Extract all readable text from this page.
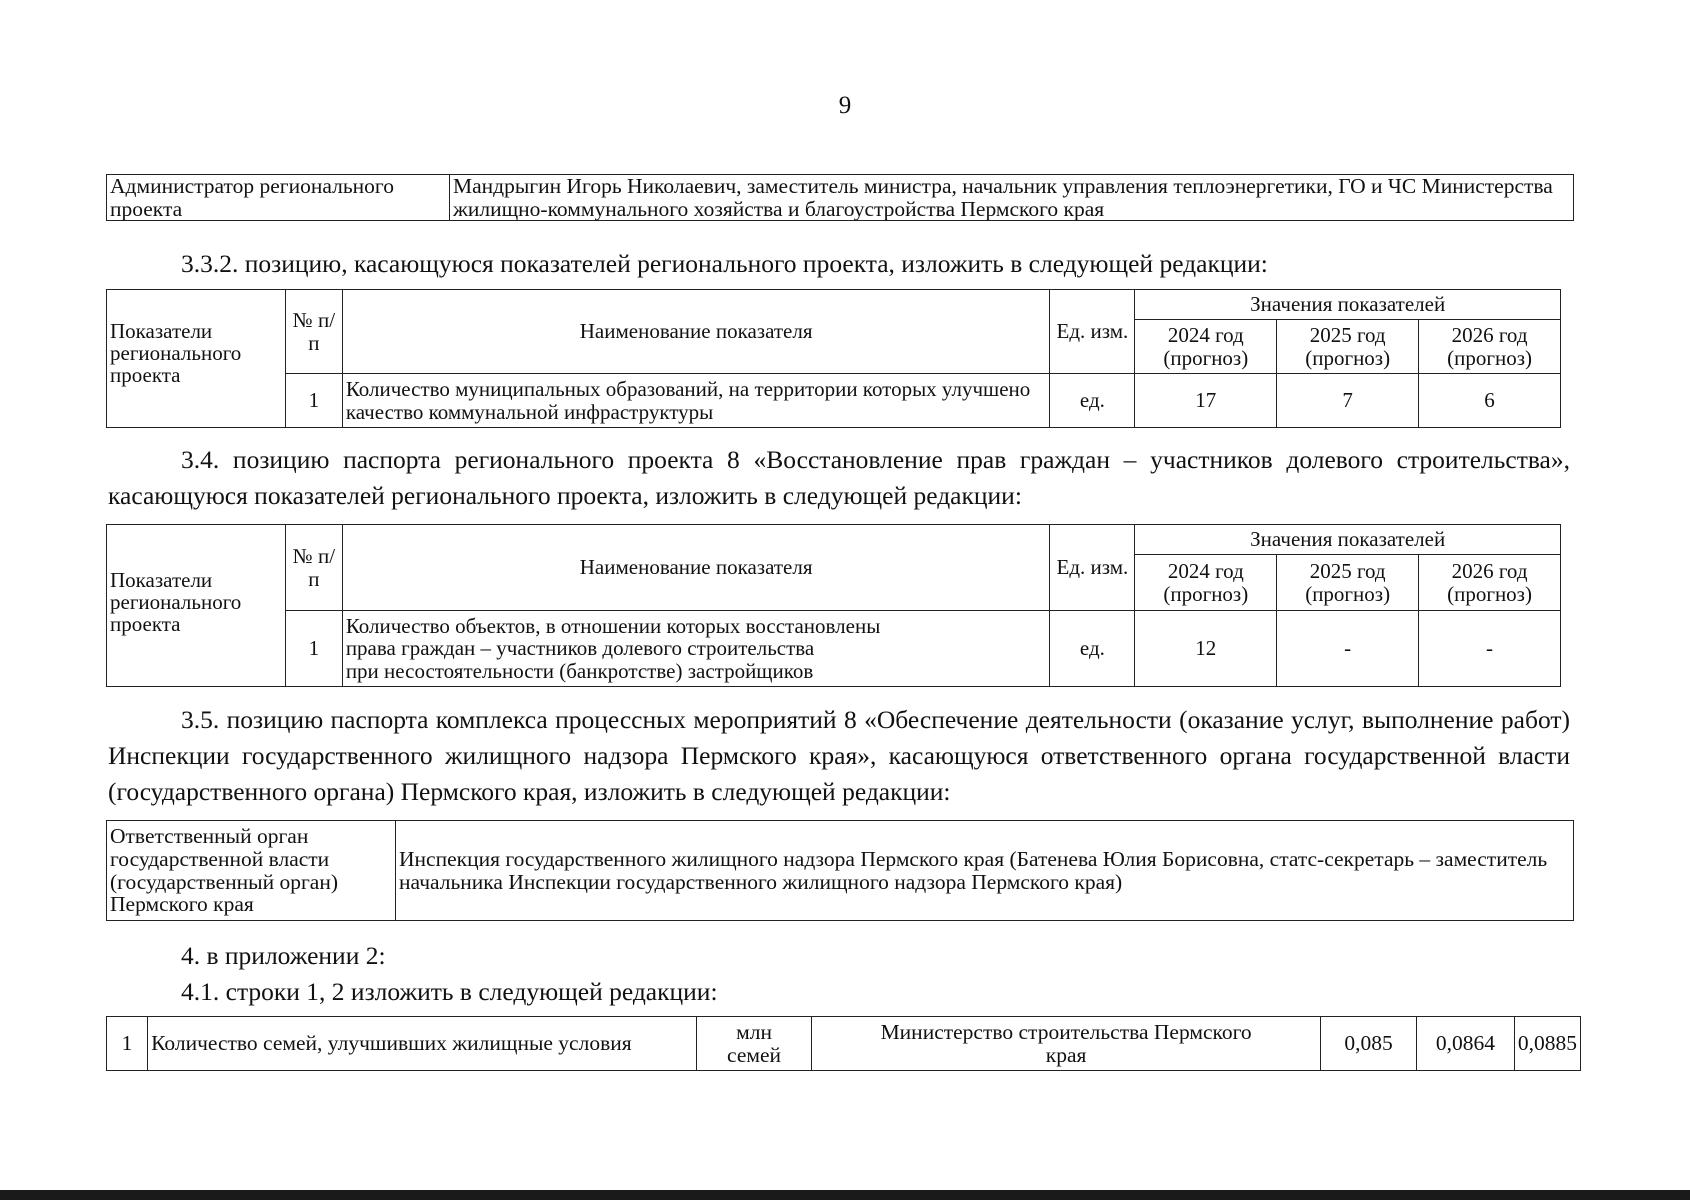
9
Администратор регионального проекта	Мандрыгин Игорь Николаевич, заместитель министра, начальник управления теплоэнергетики, ГО и ЧС Министерства жилищно-коммунального хозяйства и благоустройства Пермского края
3.3.2. позицию, касающуюся показателей регионального проекта, изложить в следующей редакции:
Показатели регионального проекта	№ п/п	Наименование показателя	Ед. изм.	Значения показателей		
				2024 год (прогноз)	2025 год (прогноз)	2026 год (прогноз)
	1	Количество муниципальных образований, на территории которых улучшено качество коммунальной инфраструктуры	ед.	17	7	6
3.4. позицию паспорта регионального проекта 8 «Восстановление прав граждан – участников долевого строительства», касающуюся показателей регионального проекта, изложить в следующей редакции:
Показатели регионального проекта	№ п/п	Наименование показателя	Ед. изм.	Значения показателей		
				2024 год (прогноз)	2025 год (прогноз)	2026 год (прогноз)
	1	Количество объектов, в отношении которых восстановлены
права граждан – участников долевого строительства
при несостоятельности (банкротстве) застройщиков	ед.	12	-	-
3.5. позицию паспорта комплекса процессных мероприятий 8 «Обеспечение деятельности (оказание услуг, выполнение работ) Инспекции государственного жилищного надзора Пермского края», касающуюся ответственного органа государственной власти (государственного органа) Пермского края, изложить в следующей редакции:
Ответственный орган государственной власти (государственный орган) Пермского края	Инспекция государственного жилищного надзора Пермского края (Батенева Юлия Борисовна, статс-секретарь – заместитель начальника Инспекции государственного жилищного надзора Пермского края)
4. в приложении 2:
4.1. строки 1, 2 изложить в следующей редакции:
1	Количество семей, улучшивших жилищные условия	млн семей	Министерство строительства Пермского края	0,085	0,0864	0,0885
